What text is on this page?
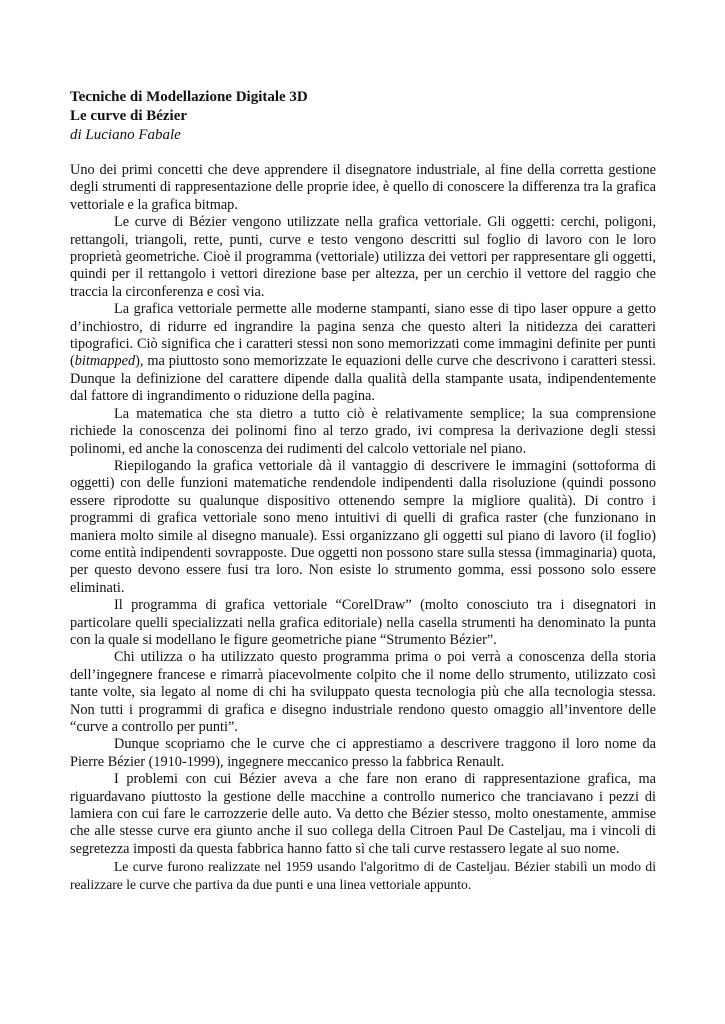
Tecniche di Modellazione Digitale 3D

Le curve di Bézier

di Luciano Fabale

Uno dei primi concetti che deve apprendere il disegnatore industriale, al fine della corretta gestione degli strumenti di rappresentazione delle proprie idee, è quello di conoscere la differenza tra la grafica vettoriale e la grafica bitmap.

Le curve di Bézier vengono utilizzate nella grafica vettoriale. Gli oggetti: cerchi, poligoni, rettangoli, triangoli, rette, punti, curve e testo vengono descritti sul foglio di lavoro con le loro proprietà geometriche. Cioè il programma (vettoriale) utilizza dei vettori per rappresentare gli oggetti, quindi per il rettangolo i vettori direzione base per altezza, per un cerchio il vettore del raggio che traccia la circonferenza e così via.

La grafica vettoriale permette alle moderne stampanti, siano esse di tipo laser oppure a getto d’inchiostro, di ridurre ed ingrandire la pagina senza che questo alteri la nitidezza dei caratteri tipografici. Ciò significa che i caratteri stessi non sono memorizzati come immagini definite per punti (bitmapped), ma piuttosto sono memorizzate le equazioni delle curve che descrivono i caratteri stessi. Dunque la definizione del carattere dipende dalla qualità della stampante usata, indipendentemente dal fattore di ingrandimento o riduzione della pagina.

La matematica che sta dietro a tutto ciò è relativamente semplice; la sua comprensione richiede la conoscenza dei polinomi fino al terzo grado, ivi compresa la derivazione degli stessi polinomi, ed anche la conoscenza dei rudimenti del calcolo vettoriale nel piano.

Riepilogando la grafica vettoriale dà il vantaggio di descrivere le immagini (sottoforma di oggetti) con delle funzioni matematiche rendendole indipendenti dalla risoluzione (quindi possono essere riprodotte su qualunque dispositivo ottenendo sempre la migliore qualità). Di contro i programmi di grafica vettoriale sono meno intuitivi di quelli di grafica raster (che funzionano in maniera molto simile al disegno manuale). Essi organizzano gli oggetti sul piano di lavoro (il foglio) come entità indipendenti sovrapposte. Due oggetti non possono stare sulla stessa (immaginaria) quota, per questo devono essere fusi tra loro. Non esiste lo strumento gomma, essi possono solo essere eliminati.

Il programma di grafica vettoriale “CorelDraw” (molto conosciuto tra i disegnatori in particolare quelli specializzati nella grafica editoriale) nella casella strumenti ha denominato la punta con la quale si modellano le figure geometriche piane “Strumento Bézier”.

Chi utilizza o ha utilizzato questo programma prima o poi verrà a conoscenza della storia dell’ingegnere francese e rimarrà piacevolmente colpito che il nome dello strumento, utilizzato così tante volte, sia legato al nome di chi ha sviluppato questa tecnologia più che alla tecnologia stessa. Non tutti i programmi di grafica e disegno industriale rendono questo omaggio all’inventore delle “curve a controllo per punti”.

Dunque scopriamo che le curve che ci apprestiamo a descrivere traggono il loro nome da Pierre Bézier (1910-1999), ingegnere meccanico presso la fabbrica Renault.

I problemi con cui Bézier aveva a che fare non erano di rappresentazione grafica, ma riguardavano piuttosto la gestione delle macchine a controllo numerico che tranciavano i pezzi di lamiera con cui fare le carrozzerie delle auto. Va detto che Bézier stesso, molto onestamente, ammise che alle stesse curve era giunto anche il suo collega della Citroen Paul De Casteljau, ma i vincoli di segretezza imposti da questa fabbrica hanno fatto sì che tali curve restassero legate al suo nome.

Le curve furono realizzate nel 1959 usando l'algoritmo di de Casteljau. Bézier stabilì un modo di realizzare le curve che partiva da due punti e una linea vettoriale appunto.
